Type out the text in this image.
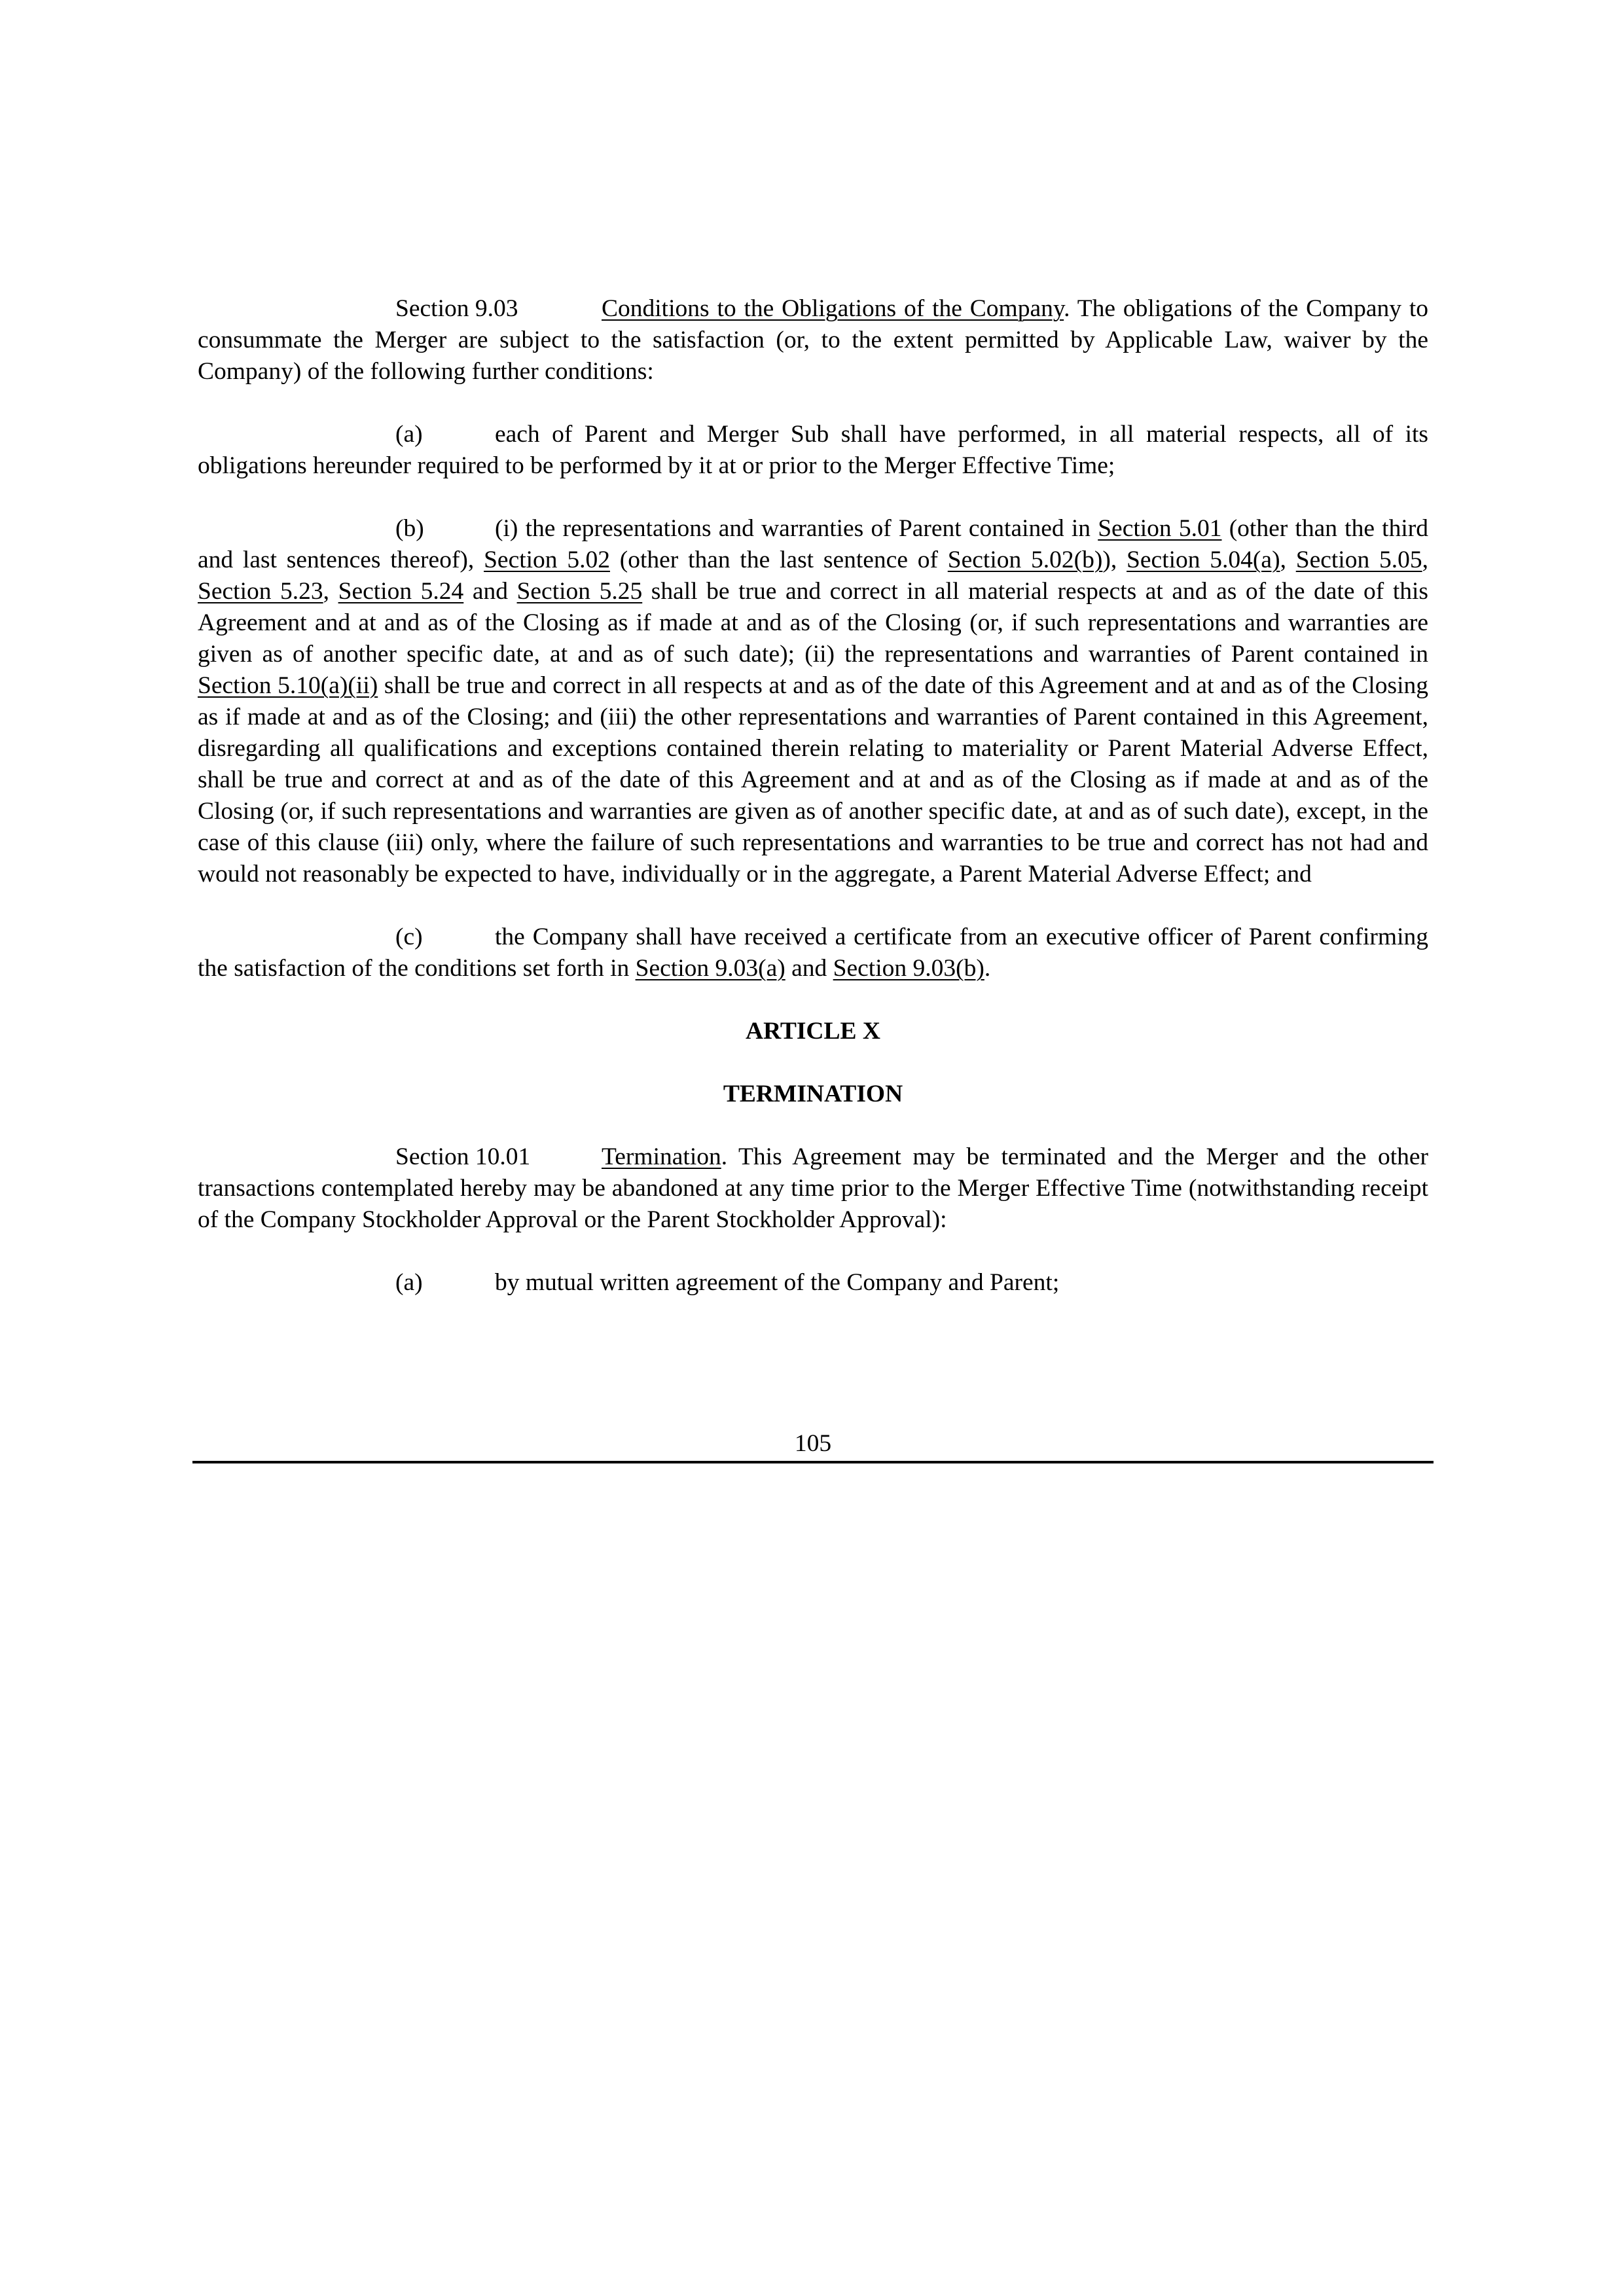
Section 9.03	Conditions to the Obligations of the Company. The obligations of the Company to consummate the Merger are subject to the satisfaction (or, to the extent permitted by Applicable Law, waiver by the Company) of the following further conditions:

(a)	each of Parent and Merger Sub shall have performed, in all material respects, all of its obligations hereunder required to be performed by it at or prior to the Merger Effective Time;

(b)	(i) the representations and warranties of Parent contained in Section 5.01 (other than the third and last sentences thereof), Section 5.02 (other than the last sentence of Section 5.02(b)), Section 5.04(a), Section 5.05, Section 5.23, Section 5.24 and Section 5.25 shall be true and correct in all material respects at and as of the date of this Agreement and at and as of the Closing as if made at and as of the Closing (or, if such representations and warranties are given as of another specific date, at and as of such date); (ii) the representations and warranties of Parent contained in Section 5.10(a)(ii) shall be true and correct in all respects at and as of the date of this Agreement and at and as of the Closing as if made at and as of the Closing; and (iii) the other representations and warranties of Parent contained in this Agreement, disregarding all qualifications and exceptions contained therein relating to materiality or Parent Material Adverse Effect, shall be true and correct at and as of the date of this Agreement and at and as of the Closing as if made at and as of the Closing (or, if such representations and warranties are given as of another specific date, at and as of such date), except, in the case of this clause (iii) only, where the failure of such representations and warranties to be true and correct has not had and would not reasonably be expected to have, individually or in the aggregate, a Parent Material Adverse Effect; and

(c)	the Company shall have received a certificate from an executive officer of Parent confirming the satisfaction of the conditions set forth in Section 9.03(a) and Section 9.03(b).

ARTICLE X

TERMINATION

Section 10.01	Termination. This Agreement may be terminated and the Merger and the other transactions contemplated hereby may be abandoned at any time prior to the Merger Effective Time (notwithstanding receipt of the Company Stockholder Approval or the Parent Stockholder Approval):

(a)	by mutual written agreement of the Company and Parent;

105
